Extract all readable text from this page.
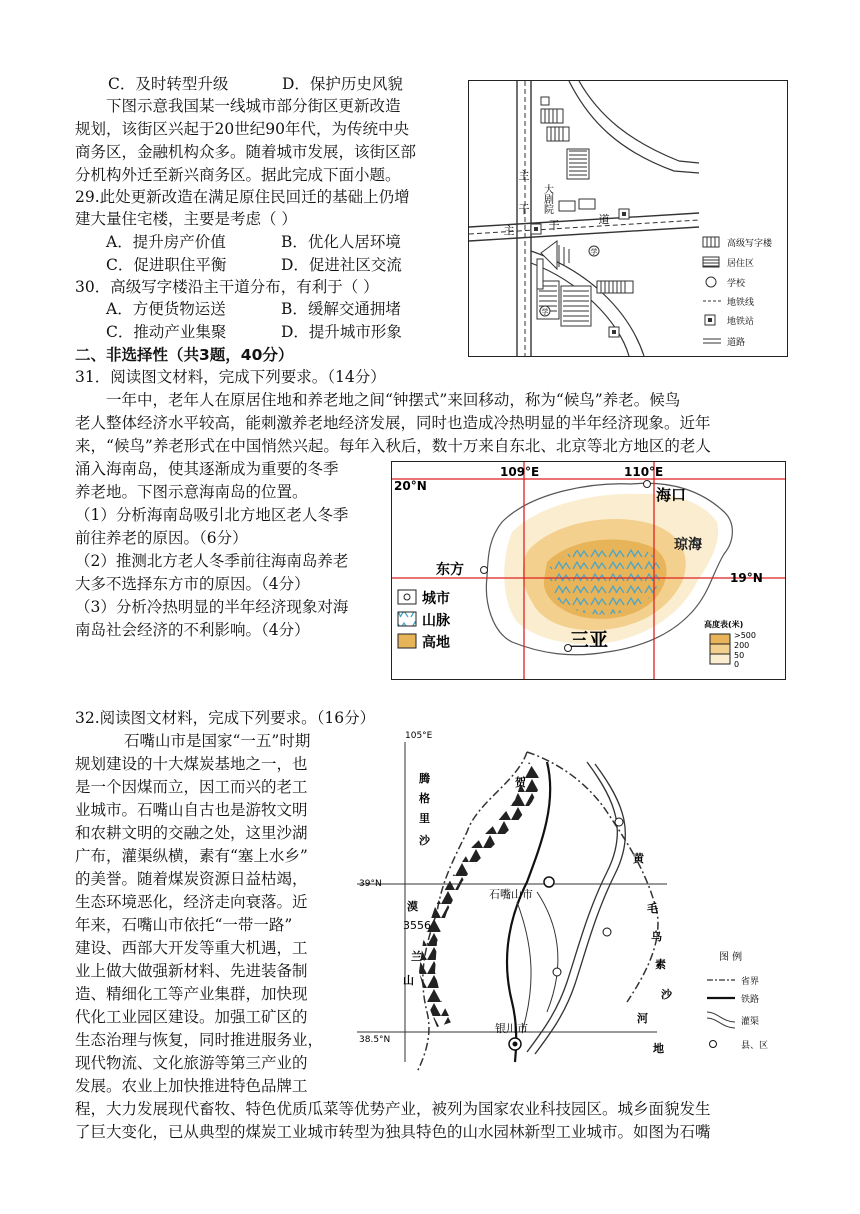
C．及时转型升级	D．保护历史风貌
下图示意我国某一线城市部分街区更新改造
规划，该街区兴起于20世纪90年代，为传统中央
商务区，金融机构众多。随着城市发展，该街区部
分机构外迁至新兴商务区。据此完成下面小题。
29.此处更新改造在满足原住民回迁的基础上仍增
建大量住宅楼，主要是考虑（ ）
A．提升房产价值	B．优化人居环境
C．促进职住平衡	D．促进社区交流
30．高级写字楼沿主干道分布，有利于（ ）
A．方便货物运送	B．缓解交通拥堵
C．推动产业集聚	D．提升城市形象
二、非选择性（共3题，40分）
学
学
主
干
主	干	道
大
剧
院
高级写字楼
居住区
学校
地铁线
地铁站
道路
31．阅读图文材料，完成下列要求。（14分）
一年中，老年人在原居住地和养老地之间“钟摆式”来回移动，称为“候鸟”养老。候鸟
老人整体经济水平较高，能刺激养老地经济发展，同时也造成冷热明显的半年经济现象。近年
来，“候鸟”养老形式在中国悄然兴起。每年入秋后，数十万来自东北、北京等北方地区的老人
涌入海南岛，使其逐渐成为重要的冬季
养老地。下图示意海南岛的位置。
（1）分析海南岛吸引北方地区老人冬季
前往养老的原因。（6分）
（2）推测北方老人冬季前往海南岛养老
大多不选择东方市的原因。（4分）
（3）分析冷热明显的半年经济现象对海
南岛社会经济的不利影响。（4分）
109°E	110°E
20°N
19°N
海口
琼海
东方
三亚
城市
山脉
高地
高度表(米)
>500
200
50
0
32.阅读图文材料，完成下列要求。（16分）
石嘴山市是国家“一五”时期
规划建设的十大煤炭基地之一，也
是一个因煤而立，因工而兴的老工
业城市。石嘴山自古也是游牧文明
和农耕文明的交融之处，这里沙湖
广布，灌渠纵横，素有“塞上水乡”
的美誉。随着煤炭资源日益枯竭，
生态环境恶化，经济走向衰落。近
年来，石嘴山市依托“一带一路”
建设、西部大开发等重大机遇，工
业上做大做强新材料、先进装备制
造、精细化工等产业集群，加快现
代化工业园区建设。加强工矿区的
生态治理与恢复，同时推进服务业，
现代物流、文化旅游等第三产业的
发展。农业上加快推进特色品牌工
程，大力发展现代畜牧、特色优质瓜菜等优势产业，被列为国家农业科技园区。城乡面貌发生
了巨大变化，已从典型的煤炭工业城市转型为独具特色的山水园林新型工业城市。如图为石嘴
105°E
39°N
38.5°N
石嘴山市
银川市
3556
腾
格
里
沙
漠
贺
兰
山
黄
河
毛
乌
素
沙
地
图 例
省界
铁路
灌渠
县、区
